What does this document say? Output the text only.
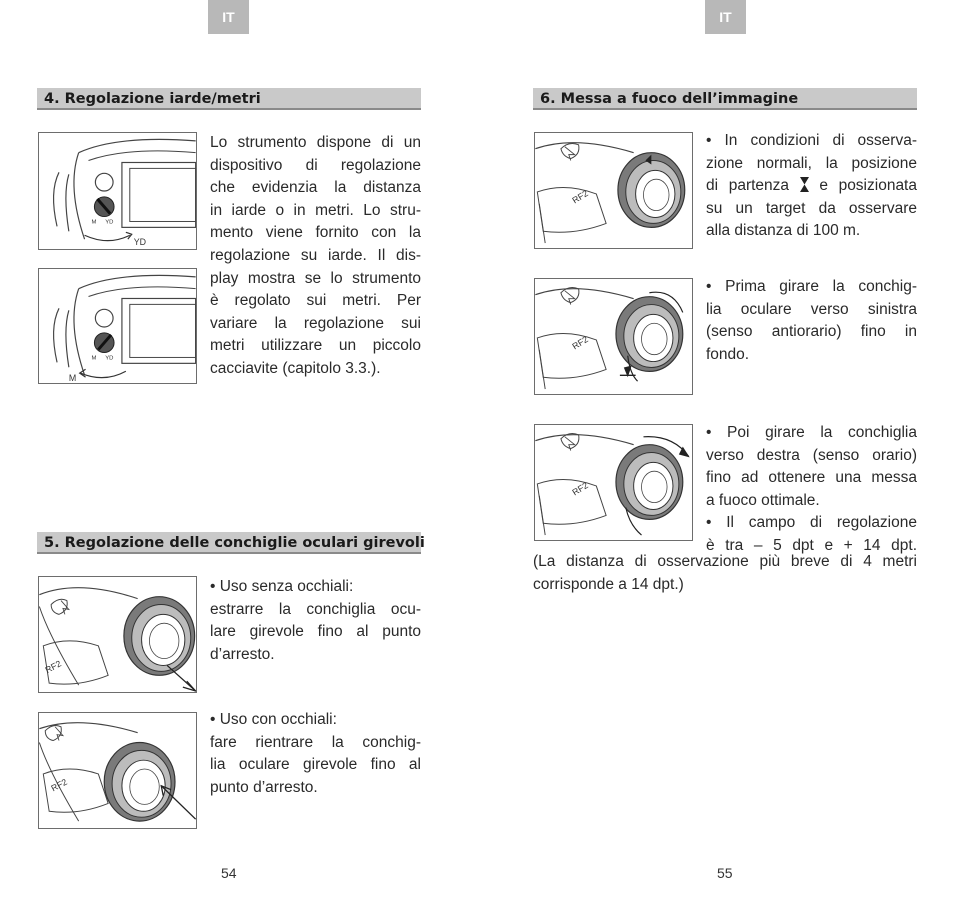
IT	IT
4. Regolazione iarde/metri
M YD
YD
M YD
M
Lo strumento dispone di un
dispositivo di regolazione
che evidenzia la distanza
in iarde o in metri. Lo stru-
mento viene fornito con la
regolazione su iarde. Il dis-
play mostra se lo strumento
è regolato sui metri. Per
variare la regolazione sui
metri utilizzare un piccolo
cacciavite (capitolo 3.3.).
5. Regolazione delle conchiglie oculari girevoli
RF2
• Uso senza occhiali:
estrarre la conchiglia ocu-
lare girevole fino al punto
d’arresto.
RF2
• Uso con occhiali:
fare rientrare la conchig-
lia oculare girevole fino al
punto d’arresto.
54
6. Messa a fuoco dell’immagine
RF2
• In condizioni di osserva-
zione normali, la posizione
di partenza e posizionata
su un target da osservare
alla distanza di 100 m.
RF2
• Prima girare la conchig-
lia oculare verso sinistra
(senso antiorario) fino in
fondo.
RF2
• Poi girare la conchiglia
verso destra (senso orario)
fino ad ottenere una messa
a fuoco ottimale.
• Il campo di regolazione
è tra – 5 dpt e + 14 dpt.
(La distanza di osservazione più breve di 4 metri
corrisponde a 14 dpt.)
55
